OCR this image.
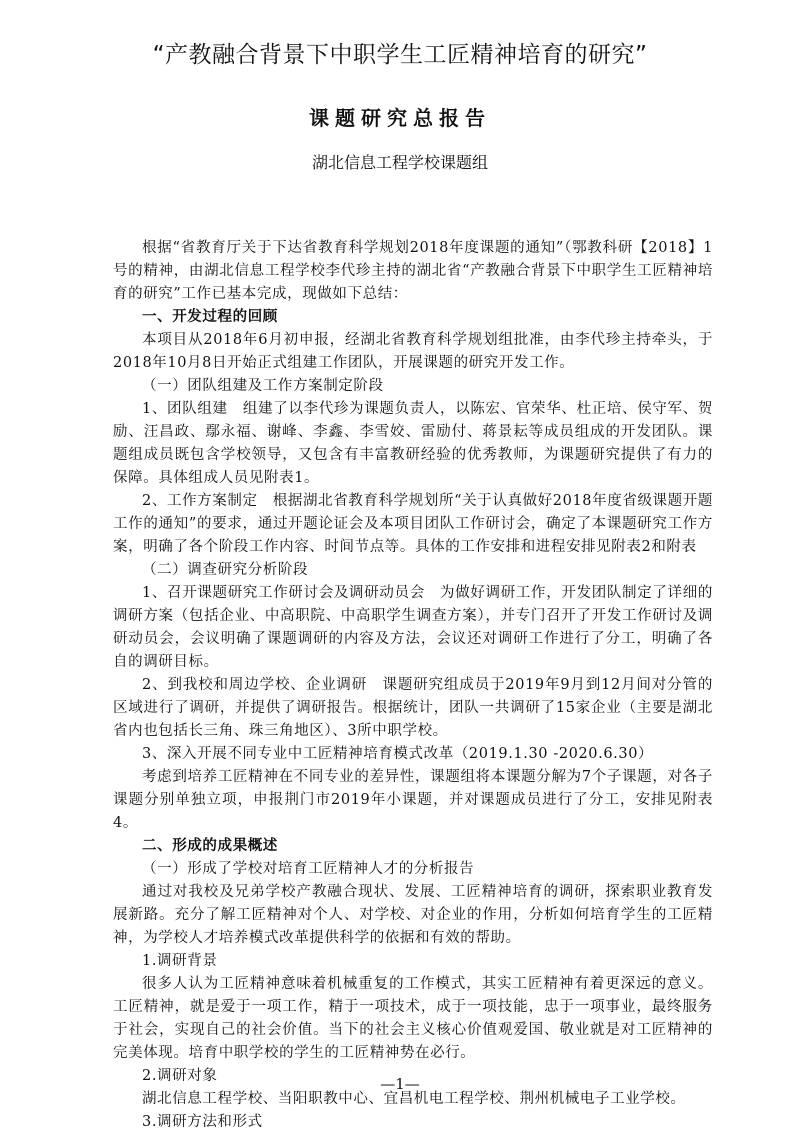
“产教融合背景下中职学生工匠精神培育的研究”
课题研究总报告
湖北信息工程学校课题组

根据“省教育厅关于下达省教育科学规划2018年度课题的通知”（鄂教科研【2018】1号的精神，由湖北信息工程学校李代珍主持的湖北省“产教融合背景下中职学生工匠精神培育的研究”工作已基本完成，现做如下总结：

一、开发过程的回顾

本项目从2018年6月初申报，经湖北省教育科学规划组批准，由李代珍主持牵头，于2018年10月8日开始正式组建工作团队，开展课题的研究开发工作。

（一）团队组建及工作方案制定阶段

1、团队组建　组建了以李代珍为课题负责人，以陈宏、官荣华、杜正培、侯守军、贺励、汪昌政、鄢永福、谢峰、李鑫、李雪姣、雷励付、蒋景耘等成员组成的开发团队。课题组成员既包含学校领导，又包含有丰富教研经验的优秀教师，为课题研究提供了有力的保障。具体组成人员见附表1。

2、工作方案制定　根据湖北省教育科学规划所“关于认真做好2018年度省级课题开题工作的通知”的要求，通过开题论证会及本项目团队工作研讨会，确定了本课题研究工作方案，明确了各个阶段工作内容、时间节点等。具体的工作安排和进程安排见附表2和附表

（二）调查研究分析阶段

1、召开课题研究工作研讨会及调研动员会　为做好调研工作，开发团队制定了详细的调研方案（包括企业、中高职院、中高职学生调查方案），并专门召开了开发工作研讨及调研动员会，会议明确了课题调研的内容及方法，会议还对调研工作进行了分工，明确了各自的调研目标。

2、到我校和周边学校、企业调研　课题研究组成员于2019年9月到12月间对分管的区域进行了调研，并提供了调研报告。根据统计，团队一共调研了15家企业（主要是湖北省内也包括长三角、珠三角地区）、3所中职学校。

3、深入开展不同专业中工匠精神培育模式改革（2019.1.30 -2020.6.30）

考虑到培养工匠精神在不同专业的差异性，课题组将本课题分解为7个子课题，对各子课题分别单独立项，申报荆门市2019年小课题，并对课题成员进行了分工，安排见附表4。

二、形成的成果概述

（一）形成了学校对培育工匠精神人才的分析报告

通过对我校及兄弟学校产教融合现状、发展、工匠精神培育的调研，探索职业教育发展新路。充分了解工匠精神对个人、对学校、对企业的作用，分析如何培育学生的工匠精神，为学校人才培养模式改革提供科学的依据和有效的帮助。

1.调研背景

很多人认为工匠精神意味着机械重复的工作模式，其实工匠精神有着更深远的意义。工匠精神，就是爱于一项工作，精于一项技术，成于一项技能，忠于一项事业，最终服务于社会，实现自己的社会价值。当下的社会主义核心价值观爱国、敬业就是对工匠精神的完美体现。培育中职学校的学生的工匠精神势在必行。

2.调研对象

湖北信息工程学校、当阳职教中心、宜昌机电工程学校、荆州机械电子工业学校。

3.调研方法和形式

—1—
